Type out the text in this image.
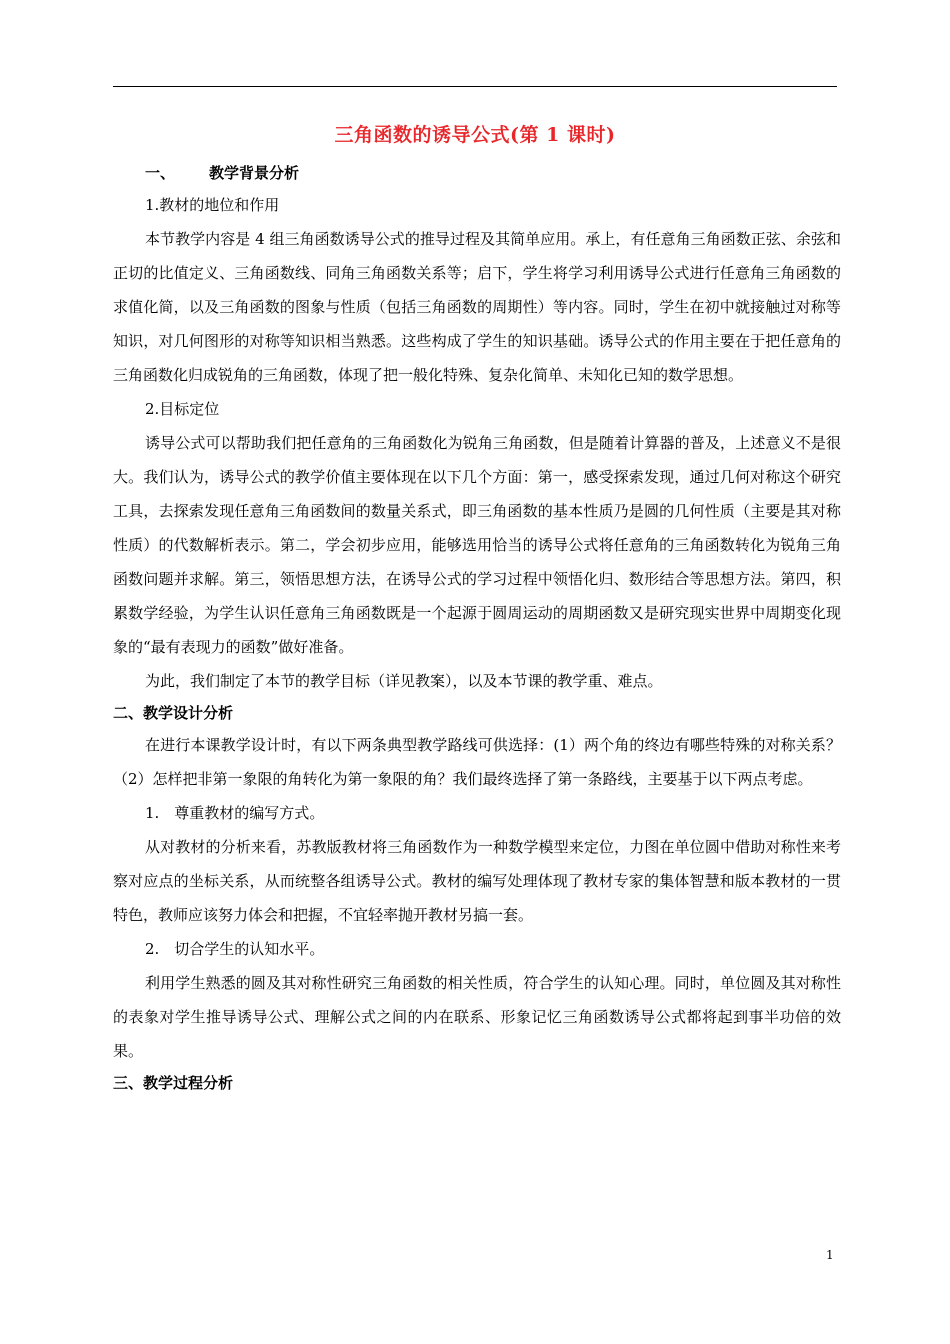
三角函数的诱导公式(第 1 课时)
一、 教学背景分析
1.教材的地位和作用

本节教学内容是 4 组三角函数诱导公式的推导过程及其简单应用。承上，有任意角三角函数正弦、余弦和正切的比值定义、三角函数线、同角三角函数关系等；启下，学生将学习利用诱导公式进行任意角三角函数的求值化简，以及三角函数的图象与性质（包括三角函数的周期性）等内容。同时，学生在初中就接触过对称等知识，对几何图形的对称等知识相当熟悉。这些构成了学生的知识基础。诱导公式的作用主要在于把任意角的三角函数化归成锐角的三角函数，体现了把一般化特殊、复杂化简单、未知化已知的数学思想。

2.目标定位

诱导公式可以帮助我们把任意角的三角函数化为锐角三角函数，但是随着计算器的普及，上述意义不是很大。我们认为，诱导公式的教学价值主要体现在以下几个方面：第一，感受探索发现，通过几何对称这个研究工具，去探索发现任意角三角函数间的数量关系式，即三角函数的基本性质乃是圆的几何性质（主要是其对称性质）的代数解析表示。第二，学会初步应用，能够选用恰当的诱导公式将任意角的三角函数转化为锐角三角函数问题并求解。第三，领悟思想方法，在诱导公式的学习过程中领悟化归、数形结合等思想方法。第四，积累数学经验，为学生认识任意角三角函数既是一个起源于圆周运动的周期函数又是研究现实世界中周期变化现象的“最有表现力的函数”做好准备。

为此，我们制定了本节的教学目标（详见教案），以及本节课的教学重、难点。

二、教学设计分析

在进行本课教学设计时，有以下两条典型教学路线可供选择：(1）两个角的终边有哪些特殊的对称关系？（2）怎样把非第一象限的角转化为第一象限的角？我们最终选择了第一条路线，主要基于以下两点考虑。

1.　尊重教材的编写方式。

从对教材的分析来看，苏教版教材将三角函数作为一种数学模型来定位，力图在单位圆中借助对称性来考察对应点的坐标关系，从而统整各组诱导公式。教材的编写处理体现了教材专家的集体智慧和版本教材的一贯特色，教师应该努力体会和把握，不宜轻率抛开教材另搞一套。

2.　切合学生的认知水平。

利用学生熟悉的圆及其对称性研究三角函数的相关性质，符合学生的认知心理。同时，单位圆及其对称性的表象对学生推导诱导公式、理解公式之间的内在联系、形象记忆三角函数诱导公式都将起到事半功倍的效果。

三、教学过程分析
1
